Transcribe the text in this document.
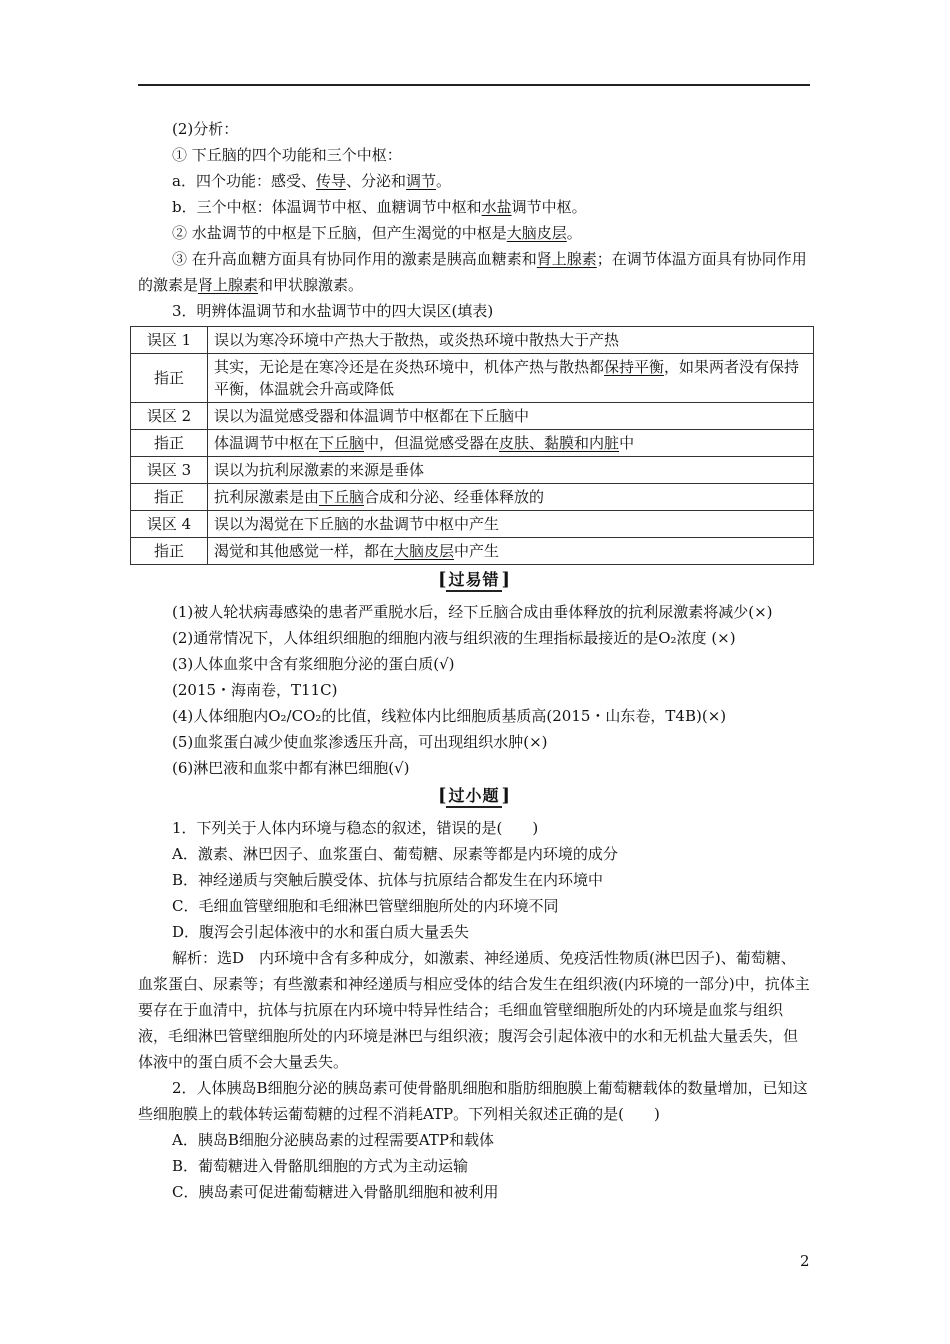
(2)分析：

① 下丘脑的四个功能和三个中枢：

a．四个功能：感受、传导、分泌和调节。

b．三个中枢：体温调节中枢、血糖调节中枢和水盐调节中枢。

② 水盐调节的中枢是下丘脑，但产生渴觉的中枢是大脑皮层。

③ 在升高血糖方面具有协同作用的激素是胰高血糖素和肾上腺素；在调节体温方面具有协同作用的激素是肾上腺素和甲状腺激素。

3．明辨体温调节和水盐调节中的四大误区(填表)

误区 1	误以为寒冷环境中产热大于散热，或炎热环境中散热大于产热
指正	其实，无论是在寒冷还是在炎热环境中，机体产热与散热都保持平衡，如果两者没有保持平衡，体温就会升高或降低
误区 2	误以为温觉感受器和体温调节中枢都在下丘脑中
指正	体温调节中枢在下丘脑中，但温觉感受器在皮肤、黏膜和内脏中
误区 3	误以为抗利尿激素的来源是垂体
指正	抗利尿激素是由下丘脑合成和分泌、经垂体释放的
误区 4	误以为渴觉在下丘脑的水盐调节中枢中产生
指正	渴觉和其他感觉一样，都在大脑皮层中产生
[ 过易错 ]

(1)被人轮状病毒感染的患者严重脱水后，经下丘脑合成由垂体释放的抗利尿激素将减少(×)

(2)通常情况下，人体组织细胞的细胞内液与组织液的生理指标最接近的是O₂浓度 (×)

(3)人体血浆中含有浆细胞分泌的蛋白质(√)

(2015・海南卷，T11C)

(4)人体细胞内O₂/CO₂的比值，线粒体内比细胞质基质高(2015・山东卷，T4B)(×)

(5)血浆蛋白减少使血浆渗透压升高，可出现组织水肿(×)

(6)淋巴液和血浆中都有淋巴细胞(√)

[ 过小题 ]

1．下列关于人体内环境与稳态的叙述，错误的是(　　)

A．激素、淋巴因子、血浆蛋白、葡萄糖、尿素等都是内环境的成分

B．神经递质与突触后膜受体、抗体与抗原结合都发生在内环境中

C．毛细血管壁细胞和毛细淋巴管壁细胞所处的内环境不同

D．腹泻会引起体液中的水和蛋白质大量丢失

解析：选D　内环境中含有多种成分，如激素、神经递质、免疫活性物质(淋巴因子)、葡萄糖、血浆蛋白、尿素等；有些激素和神经递质与相应受体的结合发生在组织液(内环境的一部分)中，抗体主要存在于血清中，抗体与抗原在内环境中特异性结合；毛细血管壁细胞所处的内环境是血浆与组织液，毛细淋巴管壁细胞所处的内环境是淋巴与组织液；腹泻会引起体液中的水和无机盐大量丢失，但体液中的蛋白质不会大量丢失。

2．人体胰岛B细胞分泌的胰岛素可使骨骼肌细胞和脂肪细胞膜上葡萄糖载体的数量增加，已知这些细胞膜上的载体转运葡萄糖的过程不消耗ATP。下列相关叙述正确的是(　　)

A．胰岛B细胞分泌胰岛素的过程需要ATP和载体

B．葡萄糖进入骨骼肌细胞的方式为主动运输

C．胰岛素可促进葡萄糖进入骨骼肌细胞和被利用

2
